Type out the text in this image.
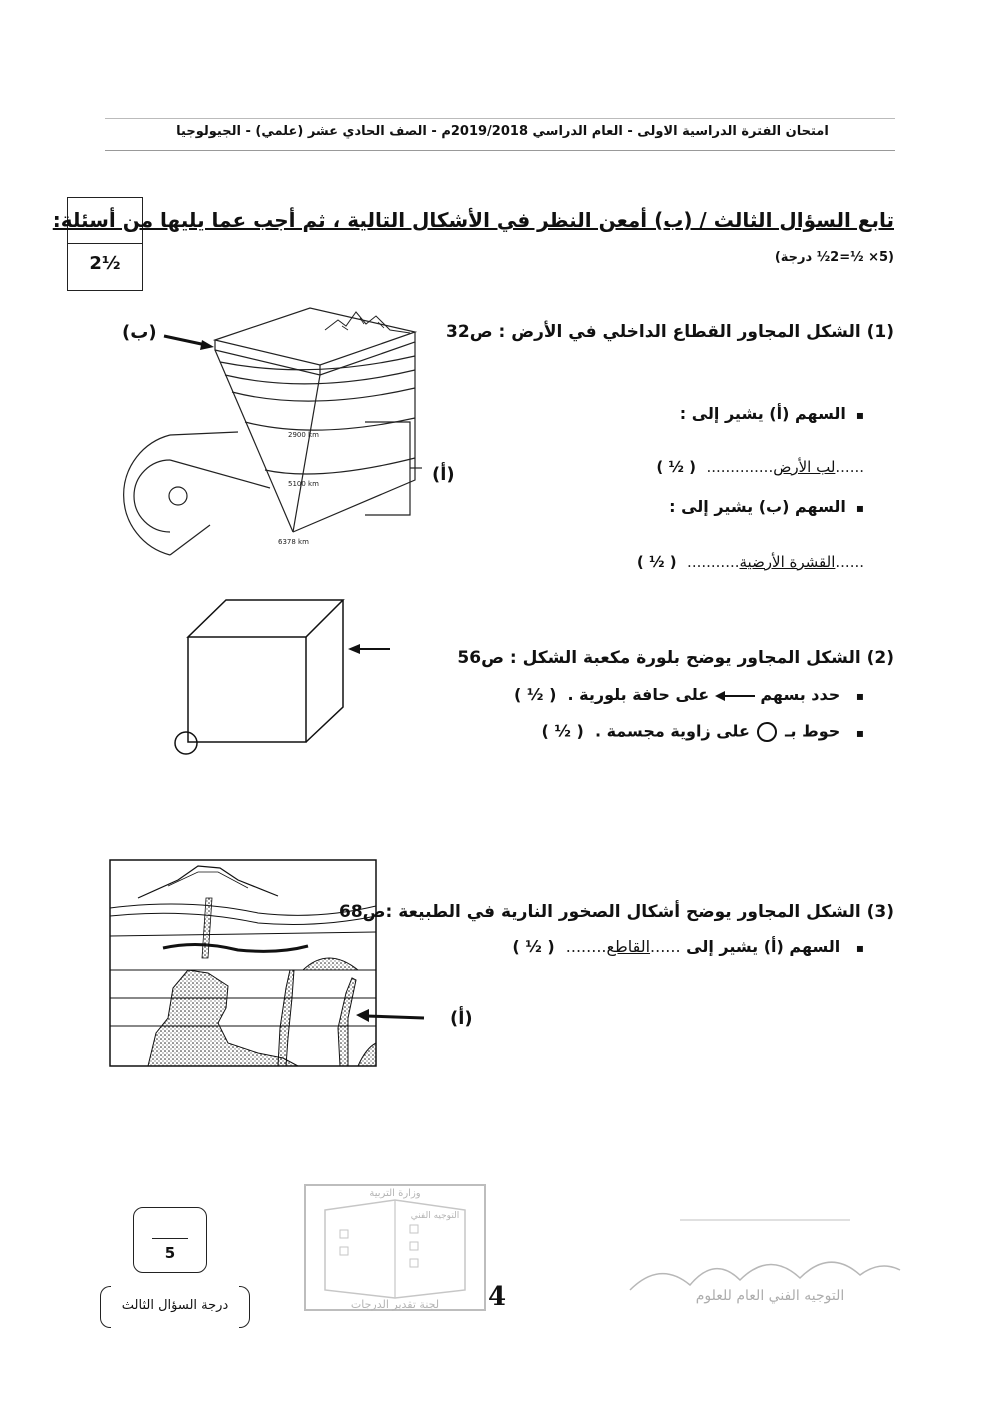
امتحان الفترة الدراسية الاولى - العام الدراسي 2019/2018م - الصف الحادي عشر (علمي) - الجيولوجيا
2½
تابع السؤال الثالث / (ب) أمعن النظر في الأشكال التالية ، ثم أجب عما يليها من أسئلة:
(5× ½=2½ درجة)
(1) الشكل المجاور القطاع الداخلي في الأرض : ص32
▪ السهم (أ) يشير إلى :
......لب الأرض..............  ( ½ )
▪ السهم (ب) يشير إلى :
......القشرة الأرضية...........  ( ½ )
2900 km
5100 km
6378 km
(ب)
(أ)
(2) الشكل المجاور يوضح بلورة مكعبة الشكل : ص56
▪ حدد بسهم  على حافة بلورية .  ( ½ )
▪ حوط بـ  على زاوية مجسمة .  ( ½ )
(3) الشكل المجاور يوضح أشكال الصخور النارية في الطبيعة :ص68
▪ السهم (أ) يشير إلى ......القاطع........  ( ½ )
(أ)
5
درجة السؤال الثالث
وزارة التربية
التوجيه الفني
لجنة تقدير الدرجات 4	التوجيه الفني العام للعلوم
